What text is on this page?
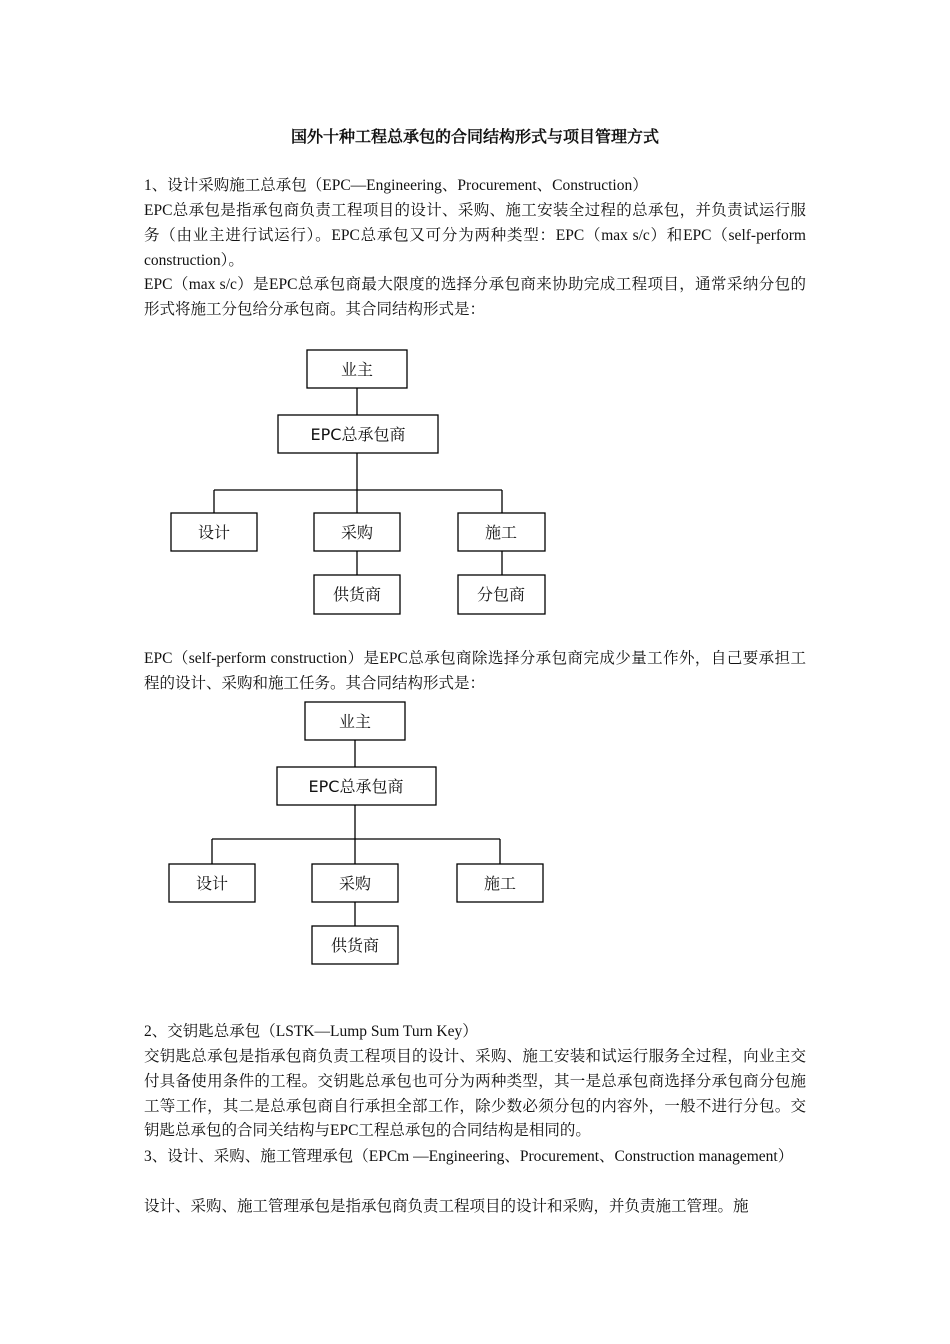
国外十种工程总承包的合同结构形式与项目管理方式

1、设计采购施工总承包（EPC—Engineering、Procurement、Construction）

EPC总承包是指承包商负责工程项目的设计、采购、施工安装全过程的总承包，并负责试运行服务（由业主进行试运行）。EPC总承包又可分为两种类型：EPC（max s/c）和EPC（self-perform construction）。

EPC（max s/c）是EPC总承包商最大限度的选择分承包商来协助完成工程项目，通常采纳分包的形式将施工分包给分承包商。其合同结构形式是：

业主
EPC总承包商
设计	采购	施工
供货商	分包商

EPC（self-perform construction）是EPC总承包商除选择分承包商完成少量工作外，自己要承担工程的设计、采购和施工任务。其合同结构形式是：

业主
EPC总承包商
设计	采购	施工
供货商

2、交钥匙总承包（LSTK—Lump Sum Turn Key）

交钥匙总承包是指承包商负责工程项目的设计、采购、施工安装和试运行服务全过程，向业主交付具备使用条件的工程。交钥匙总承包也可分为两种类型，其一是总承包商选择分承包商分包施工等工作，其二是总承包商自行承担全部工作，除少数必须分包的内容外，一般不进行分包。交钥匙总承包的合同关结构与EPC工程总承包的合同结构是相同的。

3、设计、采购、施工管理承包（EPCm —Engineering、Procurement、Construction management）

设计、采购、施工管理承包是指承包商负责工程项目的设计和采购，并负责施工管理。施
